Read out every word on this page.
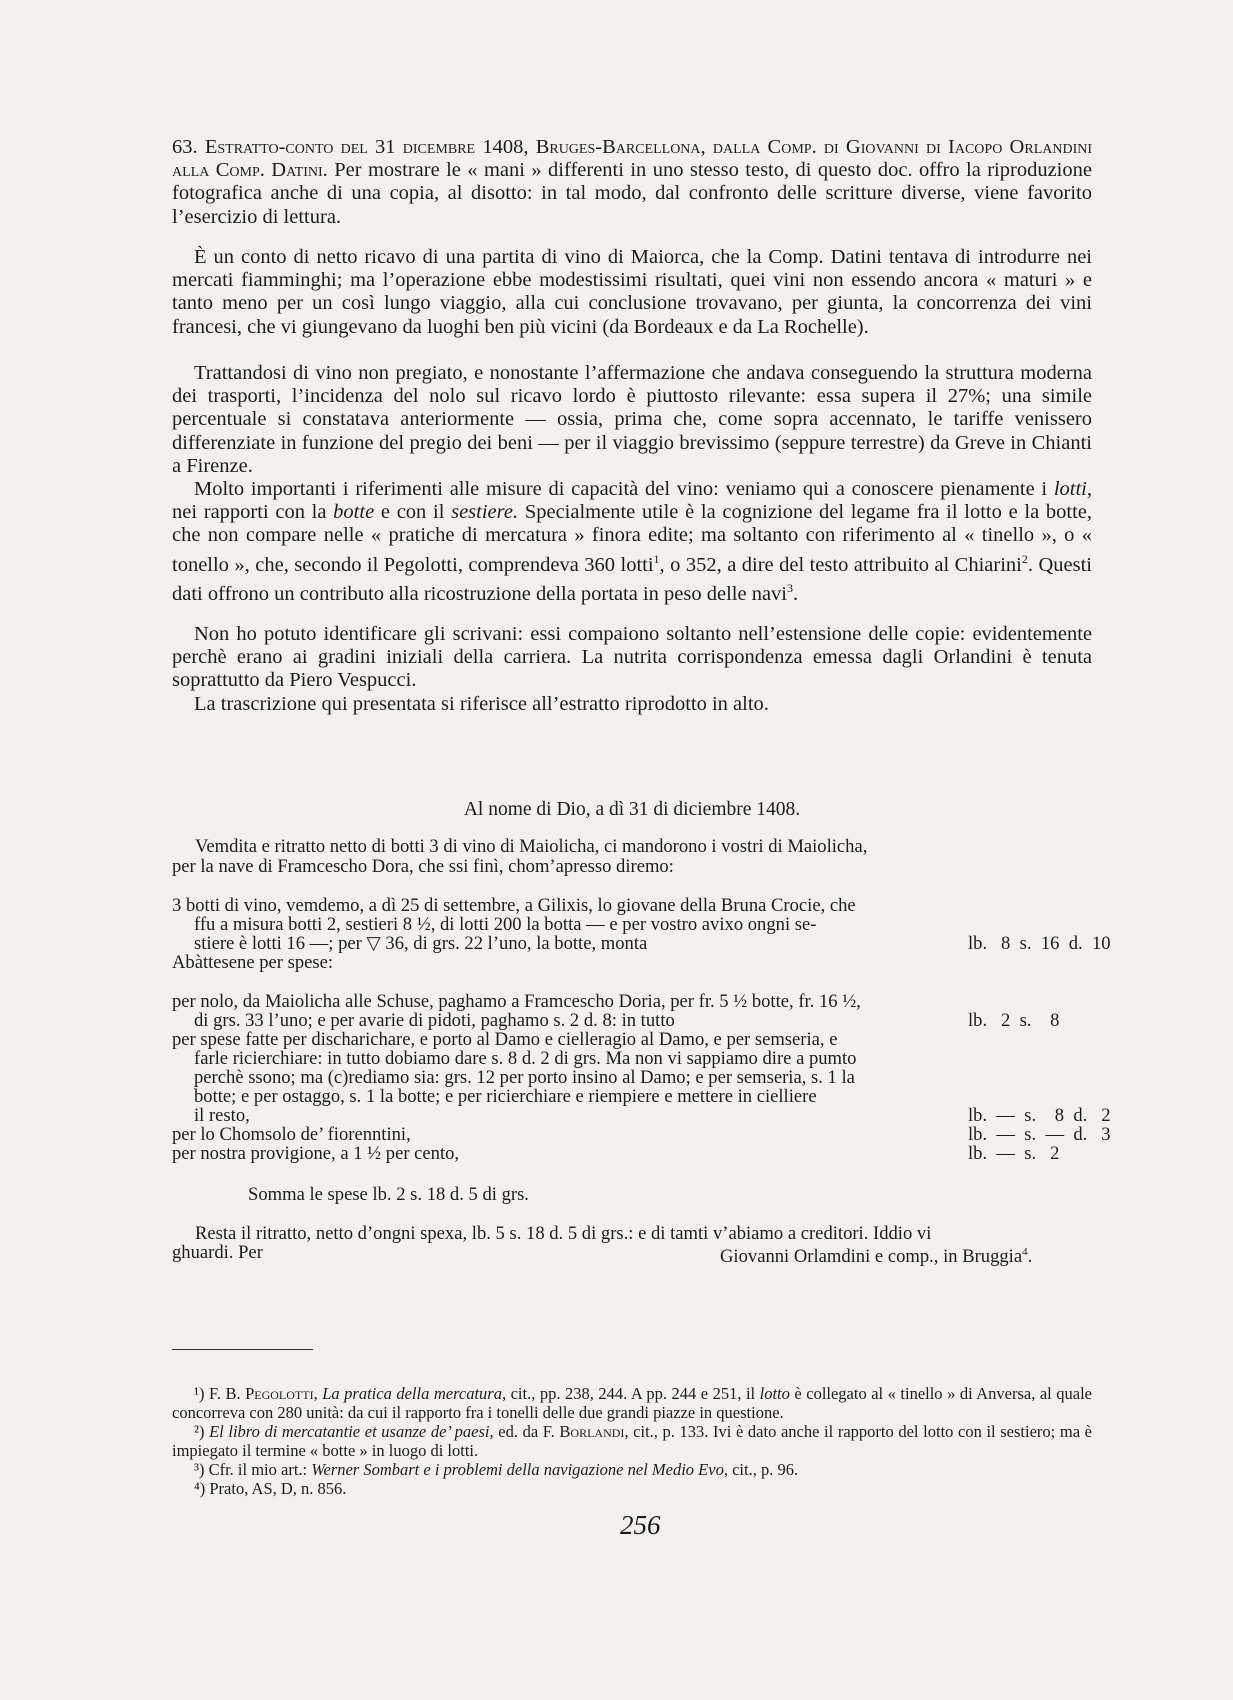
63. Estratto-conto del 31 dicembre 1408, Bruges-Barcellona, dalla Comp. di Giovanni di Iacopo Orlandini alla Comp. Datini. Per mostrare le « mani » differenti in uno stesso testo, di questo doc. offro la riproduzione fotografica anche di una copia, al disotto: in tal modo, dal confronto delle scritture diverse, viene favorito l’esercizio di lettura.

È un conto di netto ricavo di una partita di vino di Maiorca, che la Comp. Datini tentava di introdurre nei mercati fiamminghi; ma l’operazione ebbe modestissimi risultati, quei vini non essendo ancora « maturi » e tanto meno per un così lungo viaggio, alla cui conclusione trovavano, per giunta, la concorrenza dei vini francesi, che vi giungevano da luoghi ben più vicini (da Bordeaux e da La Rochelle).

Trattandosi di vino non pregiato, e nonostante l’affermazione che andava conseguendo la struttura moderna dei trasporti, l’incidenza del nolo sul ricavo lordo è piuttosto rilevante: essa supera il 27%; una simile percentuale si constatava anteriormente — ossia, prima che, come sopra accennato, le tariffe venissero differenziate in funzione del pregio dei beni — per il viaggio brevissimo (seppure terrestre) da Greve in Chianti a Firenze.

Molto importanti i riferimenti alle misure di capacità del vino: veniamo qui a conoscere pienamente i lotti, nei rapporti con la botte e con il sestiere. Specialmente utile è la cognizione del legame fra il lotto e la botte, che non compare nelle « pratiche di mercatura » finora edite; ma soltanto con riferimento al « tinello », o « tonello », che, secondo il Pegolotti, comprendeva 360 lotti$^1$, o 352, a dire del testo attribuito al Chiarini$^2$. Questi dati offrono un contributo alla ricostruzione della portata in peso delle navi$^3$.

Non ho potuto identificare gli scrivani: essi compaiono soltanto nell’estensione delle copie: evidentemente perchè erano ai gradini iniziali della carriera. La nutrita corrispondenza emessa dagli Orlandini è tenuta soprattutto da Piero Vespucci.

La trascrizione qui presentata si riferisce all’estratto riprodotto in alto.

Al nome di Dio, a dì 31 di diciembre 1408.
Vemdita e ritratto netto di botti 3 di vino di Maiolicha, ci mandorono i vostri di Maiolicha,
per la nave di Framcescho Dora, che ssi finì, chom’apresso diremo:
3 botti di vino, vemdemo, a dì 25 di settembre, a Gilixis, lo giovane della Bruna Crocie, che
ffu a misura botti 2, sestieri 8 ½, di lotti 200 la botta — e per vostro avixo ongni se-
stiere è lotti 16 —; per ▽ 36, di grs. 22 l’uno, la botte, monta	lb.   8  s.  16  d.  10
Abàttesene per spese:
per nolo, da Maiolicha alle Schuse, paghamo a Framcescho Doria, per fr. 5 ½ botte, fr. 16 ½,
di grs. 33 l’uno; e per avarie di pidoti, paghamo s. 2 d. 8: in tutto	lb.   2  s.    8
per spese fatte per discharichare, e porto al Damo e cielleragio al Damo, e per semseria, e
farle ricierchiare: in tutto dobiamo dare s. 8 d. 2 di grs. Ma non vi sappiamo dire a pumto
perchè ssono; ma (c)rediamo sia: grs. 12 per porto insino al Damo; e per semseria, s. 1 la
botte; e per ostaggo, s. 1 la botte; e per ricierchiare e riempiere e mettere in cielliere
il resto,	lb.  —  s.    8  d.   2
per lo Chomsolo de’ fiorenntini,	lb.  —  s.  —  d.   3
per nostra provigione, a 1 ½ per cento,	lb.  —  s.   2
Somma le spese lb. 2 s. 18 d. 5 di grs.
Resta il ritratto, netto d’ongni spexa, lb. 5 s. 18 d. 5 di grs.: e di tamti v’abiamo a creditori. Iddio vi
ghuardi. Per	Giovanni Orlamdini e comp., in Bruggia$^4$.

¹) F. B. Pegolotti, La pratica della mercatura, cit., pp. 238, 244. A pp. 244 e 251, il lotto è collegato al « tinello » di Anversa, al quale concorreva con 280 unità: da cui il rapporto fra i tonelli delle due grandi piazze in questione.

²) El libro di mercatantie et usanze de’ paesi, ed. da F. Borlandi, cit., p. 133. Ivi è dato anche il rapporto del lotto con il sestiero; ma è impiegato il termine « botte » in luogo di lotti.

³) Cfr. il mio art.: Werner Sombart e i problemi della navigazione nel Medio Evo, cit., p. 96.

⁴) Prato, AS, D, n. 856.

256
